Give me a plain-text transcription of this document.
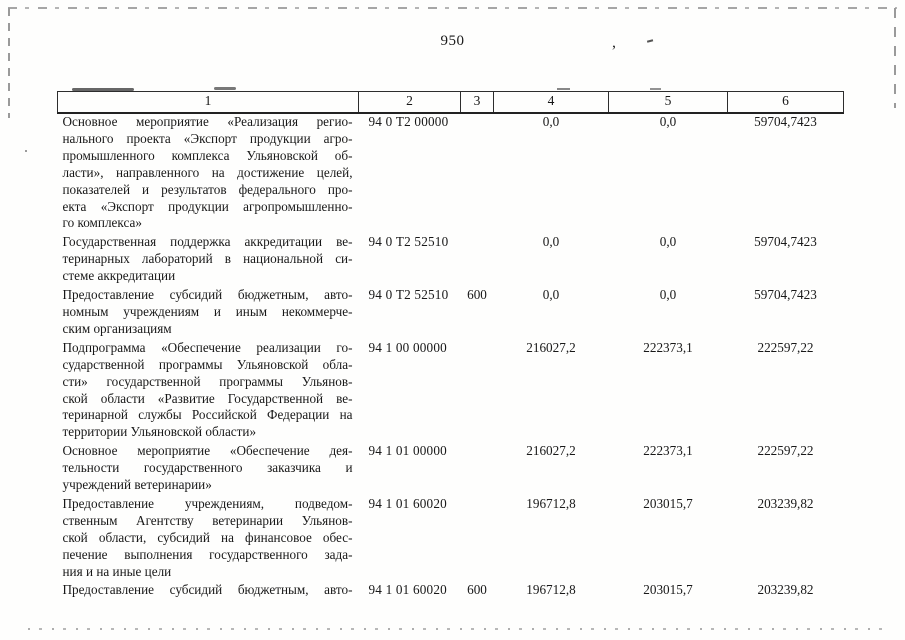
,
950
1	2	3	4	5	6

Основное мероприятие «Реализация регио-
нального проекта «Экспорт продукции агро-
промышленного комплекса Ульяновской об-
ласти», направленного на достижение целей,
показателей и результатов федерального про-
екта «Экспорт продукции агропромышленно-
го комплекса»
	94 0 Т2 00000		0,0	0,0	59704,7423

Государственная поддержка аккредитации ве-
теринарных лабораторий в национальной си-
стеме аккредитации	94 0 Т2 52510		0,0	0,0	59704,7423

Предоставление субсидий бюджетным, авто-
номным учреждениям и иным некоммерче-
ским организациям	94 0 Т2 52510	600	0,0	0,0	59704,7423

Подпрограмма «Обеспечение реализации го-
сударственной программы Ульяновской обла-
сти» государственной программы Ульянов-
ской области «Развитие Государственной ве-
теринарной службы Российской Федерации на
территории Ульяновской области»
	94 1 00 00000		216027,2	222373,1	222597,22

Основное мероприятие «Обеспечение дея-
тельности государственного заказчика и
учреждений ветеринарии»	94 1 01 00000		216027,2	222373,1	222597,22

Предоставление учреждениям, подведом-
ственным Агентству ветеринарии Ульянов-
ской области, субсидий на финансовое обес-
печение выполнения государственного зада-
ния и на иные цели	94 1 01 60020		196712,8	203015,7	203239,82

Предоставление субсидий бюджетным, авто-	94 1 01 60020	600	196712,8	203015,7	203239,82
